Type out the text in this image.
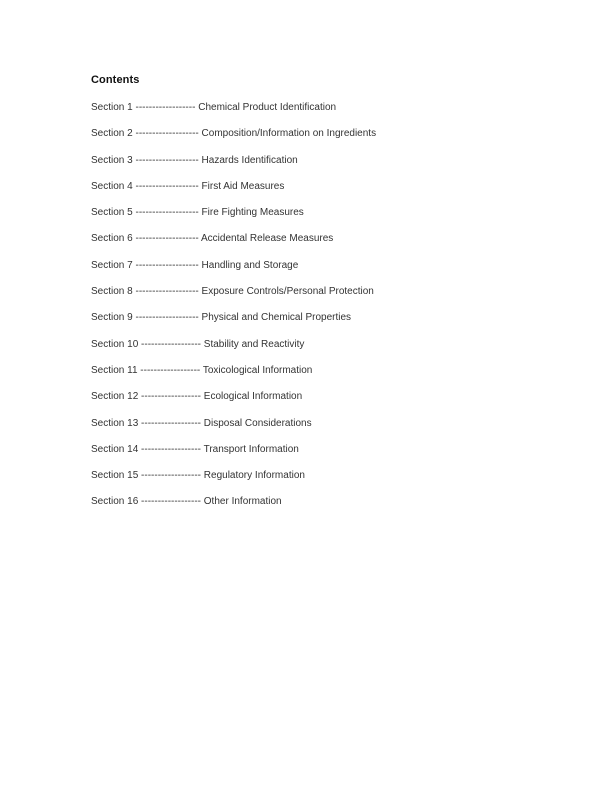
Contents
Section 1 ------------------ Chemical Product Identification
Section 2 ------------------- Composition/Information on Ingredients
Section 3 ------------------- Hazards Identification
Section 4 ------------------- First Aid Measures
Section 5 ------------------- Fire Fighting Measures
Section 6 ------------------- Accidental Release Measures
Section 7 ------------------- Handling and Storage
Section 8 ------------------- Exposure Controls/Personal Protection
Section 9 ------------------- Physical and Chemical Properties
Section 10 ------------------ Stability and Reactivity
Section 11 ------------------ Toxicological Information
Section 12 ------------------ Ecological Information
Section 13 ------------------ Disposal Considerations
Section 14 ------------------ Transport Information
Section 15 ------------------ Regulatory Information
Section 16 ------------------ Other Information
